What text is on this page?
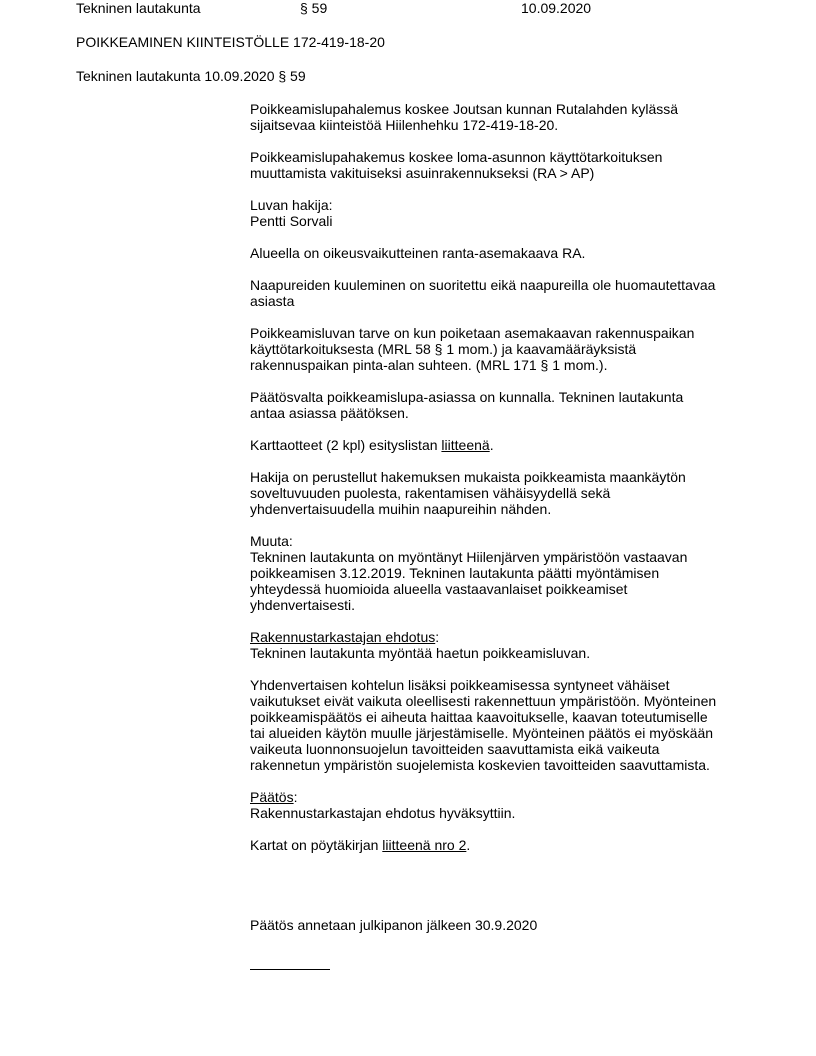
Tekninen lautakunta	§ 59	10.09.2020
POIKKEAMINEN KIINTEISTÖLLE 172-419-18-20
Tekninen lautakunta 10.09.2020 § 59

Poikkeamislupahalemus koskee Joutsan kunnan Rutalahden kylässä
sijaitsevaa kiinteistöä Hiilenhehku 172-419-18-20.

Poikkeamislupahakemus koskee loma-asunnon käyttötarkoituksen
muuttamista vakituiseksi asuinrakennukseksi (RA > AP)

Luvan hakija:
Pentti Sorvali

Alueella on oikeusvaikutteinen ranta-asemakaava RA.

Naapureiden kuuleminen on suoritettu eikä naapureilla ole huomautettavaa
asiasta

Poikkeamisluvan tarve on kun poiketaan asemakaavan rakennuspaikan
käyttötarkoituksesta (MRL 58 § 1 mom.) ja kaavamääräyksistä
rakennuspaikan pinta-alan suhteen. (MRL 171 § 1 mom.).

Päätösvalta poikkeamislupa-asiassa on kunnalla. Tekninen lautakunta
antaa asiassa päätöksen.

Karttaotteet (2 kpl) esityslistan liitteenä.

Hakija on perustellut hakemuksen mukaista poikkeamista maankäytön
soveltuvuuden puolesta, rakentamisen vähäisyydellä sekä
yhdenvertaisuudella muihin naapureihin nähden.

Muuta:
Tekninen lautakunta on myöntänyt Hiilenjärven ympäristöön vastaavan
poikkeamisen 3.12.2019. Tekninen lautakunta päätti myöntämisen
yhteydessä huomioida alueella vastaavanlaiset poikkeamiset
yhdenvertaisesti.

Rakennustarkastajan ehdotus:
Tekninen lautakunta myöntää haetun poikkeamisluvan.

Yhdenvertaisen kohtelun lisäksi poikkeamisessa syntyneet vähäiset
vaikutukset eivät vaikuta oleellisesti rakennettuun ympäristöön. Myönteinen
poikkeamispäätös ei aiheuta haittaa kaavoitukselle, kaavan toteutumiselle
tai alueiden käytön muulle järjestämiselle. Myönteinen päätös ei myöskään
vaikeuta luonnonsuojelun tavoitteiden saavuttamista eikä vaikeuta
rakennetun ympäristön suojelemista koskevien tavoitteiden saavuttamista.

Päätös:
Rakennustarkastajan ehdotus hyväksyttiin.

Kartat on pöytäkirjan liitteenä nro 2.

Päätös annetaan julkipanon jälkeen 30.9.2020
